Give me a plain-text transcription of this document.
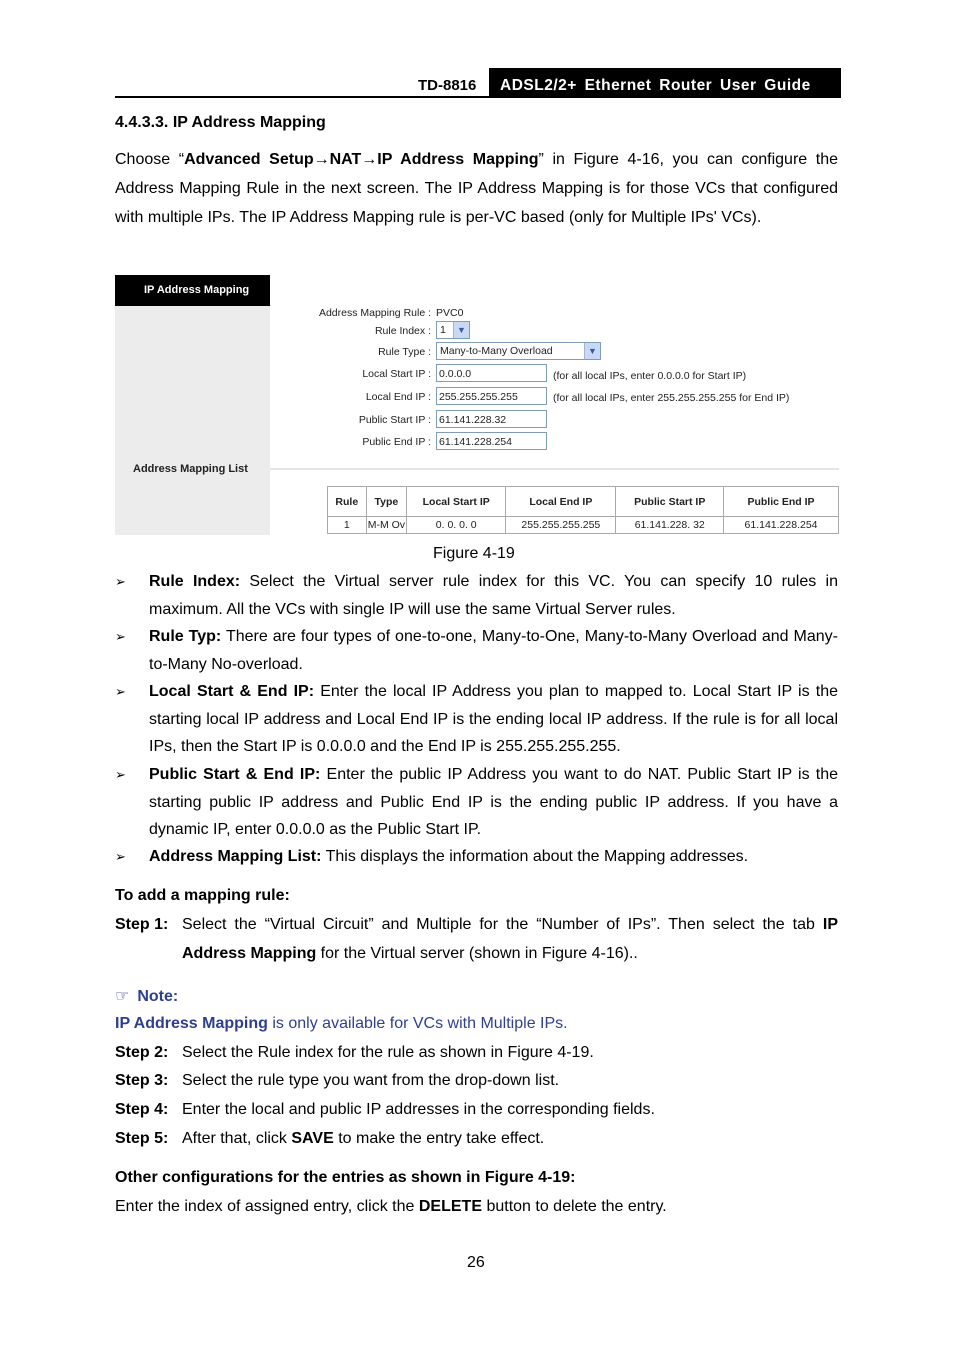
TD-8816 ADSL2/2+ Ethernet Router User Guide
4.4.3.3. IP Address Mapping
Choose “Advanced Setup→NAT→IP Address Mapping” in Figure 4-16, you can configure the Address Mapping Rule in the next screen. The IP Address Mapping is for those VCs that configured with multiple IPs. The IP Address Mapping rule is per-VC based (only for Multiple IPs' VCs).
IP Address Mapping
Address Mapping List
Address Mapping Rule : PVC0
Rule Index : 1	▼
Rule Type : Many-to-Many Overload	▼
Local Start IP : 0.0.0.0	(for all local IPs, enter 0.0.0.0 for Start IP)
Local End IP : 255.255.255.255	(for all local IPs, enter 255.255.255.255 for End IP)
Public Start IP : 61.141.228.32
Public End IP : 61.141.228.254
Rule	Type	Local Start IP	Local End IP	Public Start IP	Public End IP
1	M-M Ov	0. 0. 0. 0	255.255.255.255	61.141.228. 32	61.141.228.254
Figure 4-19
➢ Rule Index: Select the Virtual server rule index for this VC. You can specify 10 rules in maximum. All the VCs with single IP will use the same Virtual Server rules.
➢ Rule Typ: There are four types of one-to-one, Many-to-One, Many-to-Many Overload and Many-to-Many No-overload.
➢ Local Start & End IP: Enter the local IP Address you plan to mapped to. Local Start IP is the starting local IP address and Local End IP is the ending local IP address. If the rule is for all local IPs, then the Start IP is 0.0.0.0 and the End IP is 255.255.255.255.
➢ Public Start & End IP: Enter the public IP Address you want to do NAT. Public Start IP is the starting public IP address and Public End IP is the ending public IP address. If you have a dynamic IP, enter 0.0.0.0 as the Public Start IP.
➢ Address Mapping List: This displays the information about the Mapping addresses.
To add a mapping rule:
Step 1: Select the “Virtual Circuit” and Multiple for the “Number of IPs”. Then select the tab IP Address Mapping for the Virtual server (shown in Figure 4-16)..
☞ Note:
IP Address Mapping is only available for VCs with Multiple IPs.
Step 2: Select the Rule index for the rule as shown in Figure 4-19.
Step 3: Select the rule type you want from the drop-down list.
Step 4: Enter the local and public IP addresses in the corresponding fields.
Step 5: After that, click SAVE to make the entry take effect.
Other configurations for the entries as shown in Figure 4-19:
Enter the index of assigned entry, click the DELETE button to delete the entry.
26
